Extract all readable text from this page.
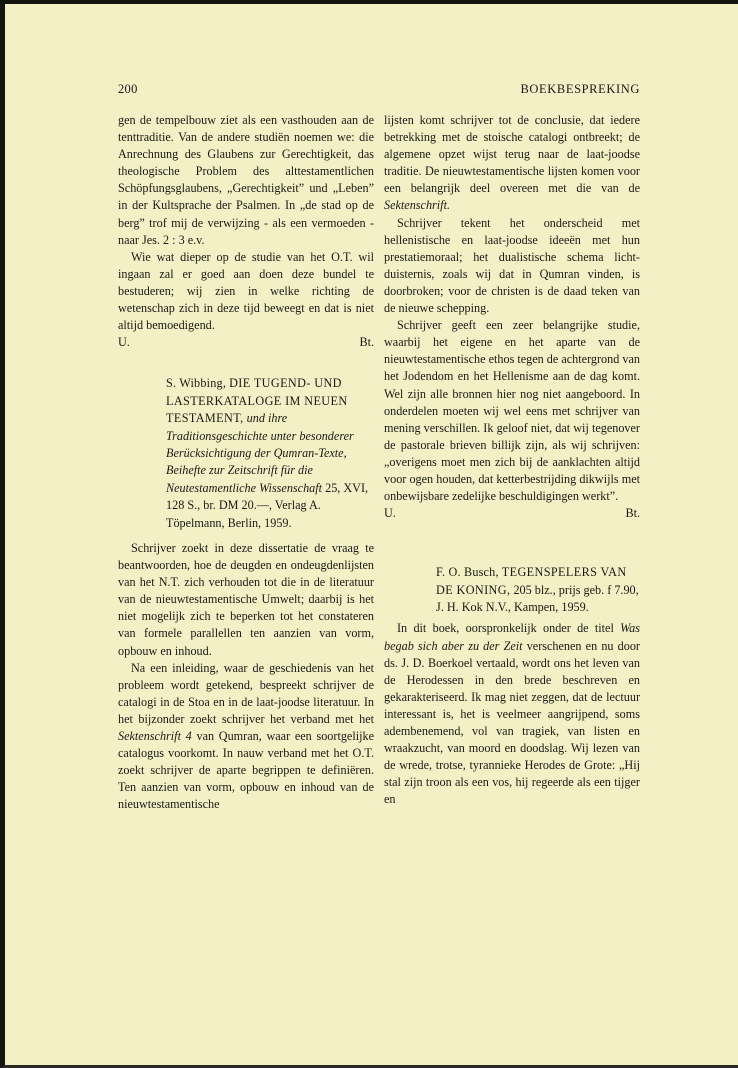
200	BOEKBESPREKING

gen de tempelbouw ziet als een vasthouden aan de tenttraditie. Van de andere studiën noemen we: die Anrechnung des Glaubens zur Gerechtigkeit, das theologische Problem des alttestamentlichen Schöpfungsglaubens, „Gerechtigkeit” und „Leben” in der Kultsprache der Psalmen. In „de stad op de berg” trof mij de verwijzing - als een vermoeden - naar Jes. 2 : 3 e.v.

Wie wat dieper op de studie van het O.T. wil ingaan zal er goed aan doen deze bundel te bestuderen; wij zien in welke richting de wetenschap zich in deze tijd beweegt en dat is niet altijd bemoedigend.

U.	Bt.

S. Wibbing, DIE TUGEND- UND LASTERKATALOGE IM NEUEN TESTAMENT, und ihre Traditionsgeschichte unter besonderer Berücksichtigung der Qumran-Texte, Beihefte zur Zeitschrift für die Neutestamentliche Wissenschaft 25, XVI, 128 S., br. DM 20.—, Verlag A. Töpelmann, Berlin, 1959.

Schrijver zoekt in deze dissertatie de vraag te beantwoorden, hoe de deugden en ondeugdenlijsten van het N.T. zich verhouden tot die in de literatuur van de nieuwtestamentische Umwelt; daarbij is het niet mogelijk zich te beperken tot het constateren van formele parallellen ten aanzien van vorm, opbouw en inhoud.

Na een inleiding, waar de geschiedenis van het probleem wordt getekend, bespreekt schrijver de catalogi in de Stoa en in de laat-joodse literatuur. In het bijzonder zoekt schrijver het verband met het Sektenschrift 4 van Qumran, waar een soortgelijke catalogus voorkomt. In nauw verband met het O.T. zoekt schrijver de aparte begrippen te definiëren. Ten aanzien van vorm, opbouw en inhoud van de nieuwtestamentische

lijsten komt schrijver tot de conclusie, dat iedere betrekking met de stoische catalogi ontbreekt; de algemene opzet wijst terug naar de laat-joodse traditie. De nieuwtestamentische lijsten komen voor een belangrijk deel overeen met die van de Sektenschrift.

Schrijver tekent het onderscheid met hellenistische en laat-joodse ideeën met hun prestatiemoraal; het dualistische schema licht-duisternis, zoals wij dat in Qumran vinden, is doorbroken; voor de christen is de daad teken van de nieuwe schepping.

Schrijver geeft een zeer belangrijke studie, waarbij het eigene en het aparte van de nieuwtestamentische ethos tegen de achtergrond van het Jodendom en het Hellenisme aan de dag komt. Wel zijn alle bronnen hier nog niet aangeboord. In onderdelen moeten wij wel eens met schrijver van mening verschillen. Ik geloof niet, dat wij tegenover de pastorale brieven billijk zijn, als wij schrijven: „overigens moet men zich bij de aanklachten altijd voor ogen houden, dat ketterbestrijding dikwijls met onbewijsbare zedelijke beschuldigingen werkt”.

U.	Bt.

F. O. Busch, TEGENSPELERS VAN DE KONING, 205 blz., prijs geb. f 7.90, J. H. Kok N.V., Kampen, 1959.

In dit boek, oorspronkelijk onder de titel Was begab sich aber zu der Zeit verschenen en nu door ds. J. D. Boerkoel vertaald, wordt ons het leven van de Herodessen in den brede beschreven en gekarakteriseerd. Ik mag niet zeggen, dat de lectuur interessant is, het is veelmeer aangrijpend, soms adembenemend, vol van tragiek, van listen en wraakzucht, van moord en doodslag. Wij lezen van de wrede, trotse, tyrannieke Herodes de Grote: „Hij stal zijn troon als een vos, hij regeerde als een tijger en
